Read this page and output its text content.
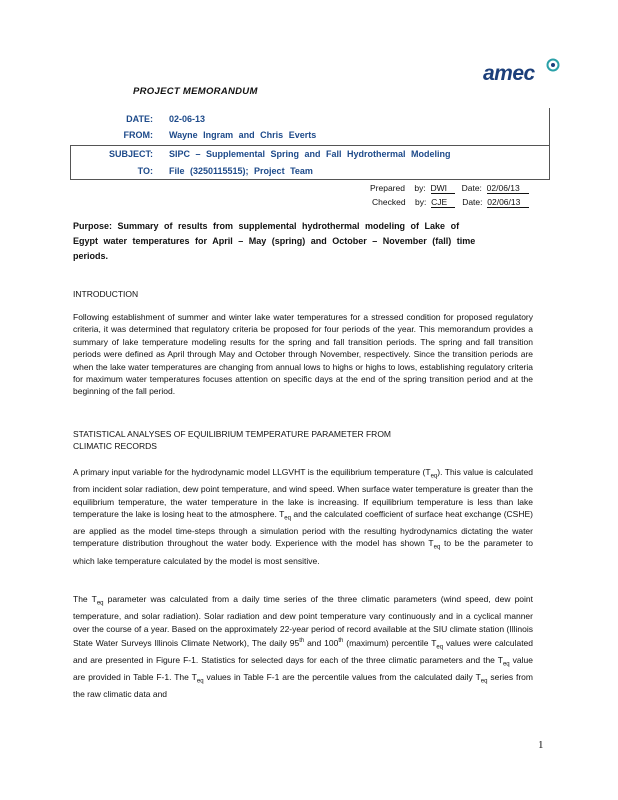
PROJECT MEMORANDUM
amec
DATE: 02-06-13
FROM: Wayne Ingram and Chris Everts
SUBJECT: SIPC – Supplemental Spring and Fall Hydrothermal Modeling
TO: File (3250115515); Project Team
Prepared by: DWI Date: 02/06/13
Checked by: CJE Date: 02/06/13
Purpose: Summary of results from supplemental hydrothermal modeling of Lake of
Egypt water temperatures for April – May (spring) and October – November (fall) time
periods.
INTRODUCTION
Following establishment of summer and winter lake water temperatures for a stressed condition for proposed regulatory criteria, it was determined that regulatory criteria be proposed for four periods of the year. This memorandum provides a summary of lake temperature modeling results for the spring and fall transition periods. The spring and fall transition periods were defined as April through May and October through November, respectively. Since the transition periods are when the lake water temperatures are changing from annual lows to highs or highs to lows, establishing regulatory criteria for maximum water temperatures focuses attention on specific days at the end of the spring transition period and at the beginning of the fall period.
STATISTICAL ANALYSES OF EQUILIBRIUM TEMPERATURE PARAMETER FROM
CLIMATIC RECORDS
A primary input variable for the hydrodynamic model LLGVHT is the equilibrium temperature $(T_{eq})$. This value is calculated from incident solar radiation, dew point temperature, and wind speed. When surface water temperature is greater than the equilibrium temperature, the water temperature in the lake is increasing. If equilibrium temperature is less than lake temperature the lake is losing heat to the atmosphere. $T_{eq}$ and the calculated coefficient of surface heat exchange (CSHE) are applied as the model time-steps through a simulation period with the resulting hydrodynamics dictating the water temperature distribution throughout the water body. Experience with the model has shown $T_{eq}$ to be the parameter to which lake temperature calculated by the model is most sensitive.
The $T_{eq}$ parameter was calculated from a daily time series of the three climatic parameters (wind speed, dew point temperature, and solar radiation). Solar radiation and dew point temperature vary continuously and in a cyclical manner over the course of a year. Based on the approximately 22-year period of record available at the SIU climate station (Illinois State Water Surveys Illinois Climate Network), The daily 95th and 100th (maximum) percentile $T_{eq}$ values were calculated and are presented in Figure F-1. Statistics for selected days for each of the three climatic parameters and the $T_{eq}$ value are provided in Table F-1. The $T_{eq}$ values in Table F-1 are the percentile values from the calculated daily $T_{eq}$ series from the raw climatic data and
1
